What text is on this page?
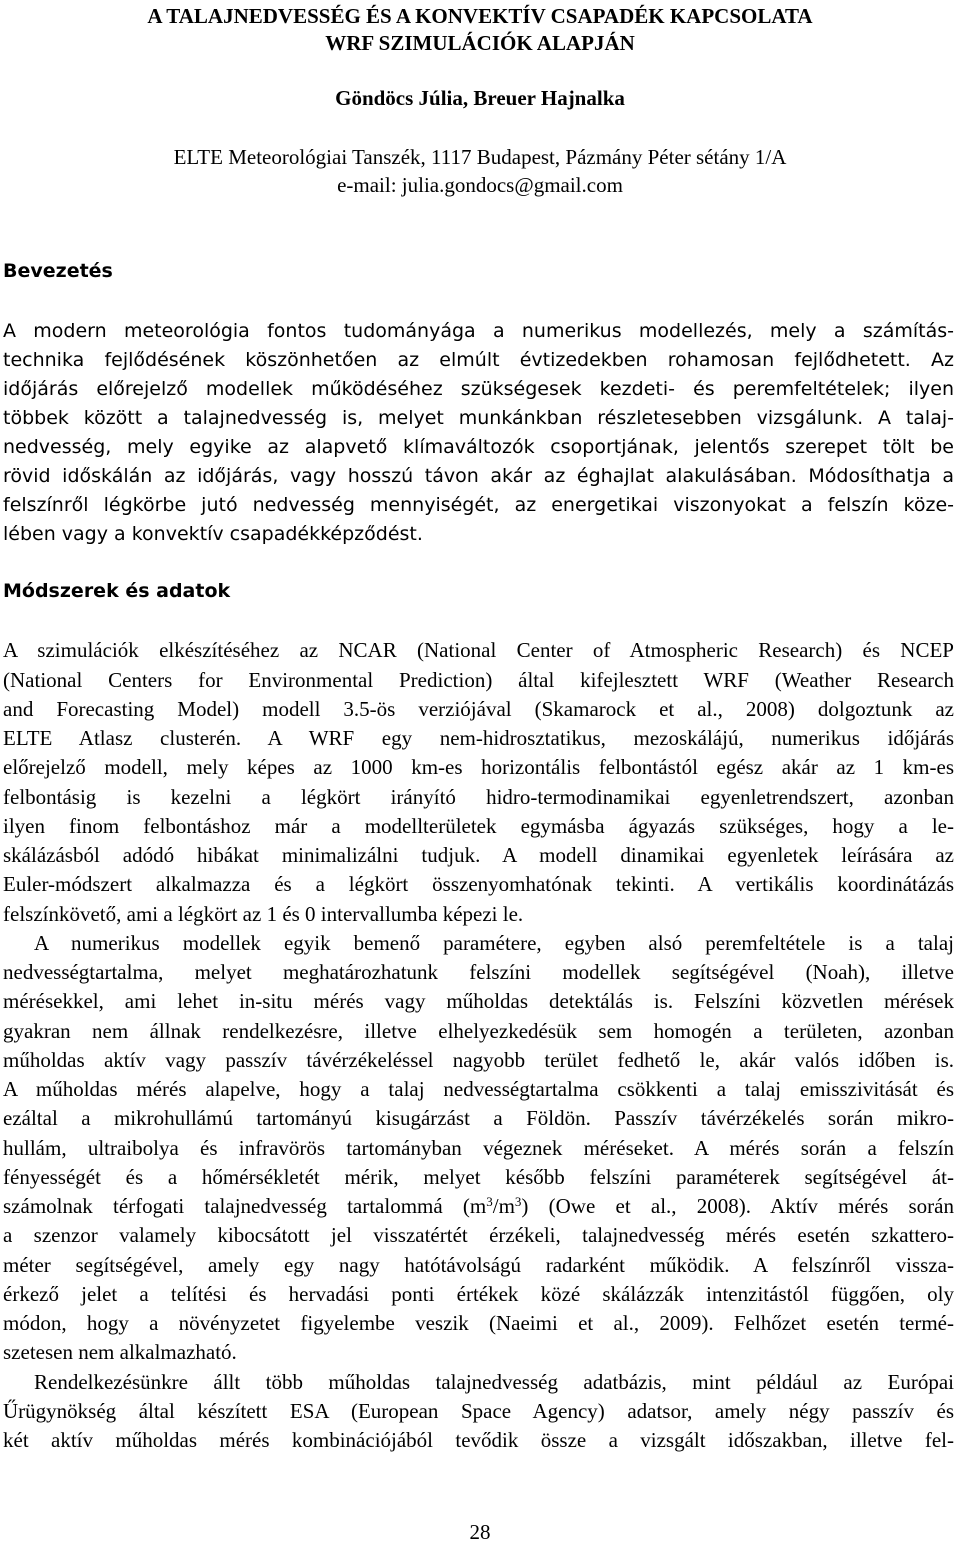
A TALAJNEDVESSÉG ÉS A KONVEKTÍV CSAPADÉK KAPCSOLATA
WRF SZIMULÁCIÓK ALAPJÁN
Göndöcs Júlia, Breuer Hajnalka
ELTE Meteorológiai Tanszék, 1117 Budapest, Pázmány Péter sétány 1/A
e-mail: julia.gondocs@gmail.com
Bevezetés
A modern meteorológia fontos tudományága a numerikus modellezés, mely a számítás-
technika fejlődésének köszönhetően az elmúlt évtizedekben rohamosan fejlődhetett. Az
időjárás előrejelző modellek működéséhez szükségesek kezdeti- és peremfeltételek; ilyen
többek között a talajnedvesség is, melyet munkánkban részletesebben vizsgálunk. A talaj-
nedvesség, mely egyike az alapvető klímaváltozók csoportjának, jelentős szerepet tölt be
rövid időskálán az időjárás, vagy hosszú távon akár az éghajlat alakulásában. Módosíthatja a
felszínről légkörbe jutó nedvesség mennyiségét, az energetikai viszonyokat a felszín köze-
lében vagy a konvektív csapadékképződést.
Módszerek és adatok
A szimulációk elkészítéséhez az NCAR (National Center of Atmospheric Research) és NCEP
(National Centers for Environmental Prediction) által kifejlesztett WRF (Weather Research
and Forecasting Model) modell 3.5-ös verziójával (Skamarock et al., 2008) dolgoztunk az
ELTE Atlasz clusterén. A WRF egy nem-hidrosztatikus, mezoskálájú, numerikus időjárás
előrejelző modell, mely képes az 1000 km-es horizontális felbontástól egész akár az 1 km-es
felbontásig is kezelni a légkört irányító hidro-termodinamikai egyenletrendszert, azonban
ilyen finom felbontáshoz már a modellterületek egymásba ágyazás szükséges, hogy a le-
skálázásból adódó hibákat minimalizálni tudjuk. A modell dinamikai egyenletek leírására az
Euler-módszert alkalmazza és a légkört összenyomhatónak tekinti. A vertikális koordinátázás
felszínkövető, ami a légkört az 1 és 0 intervallumba képezi le.
A numerikus modellek egyik bemenő paramétere, egyben alsó peremfeltétele is a talaj
nedvességtartalma, melyet meghatározhatunk felszíni modellek segítségével (Noah), illetve
mérésekkel, ami lehet in-situ mérés vagy műholdas detektálás is. Felszíni közvetlen mérések
gyakran nem állnak rendelkezésre, illetve elhelyezkedésük sem homogén a területen, azonban
műholdas aktív vagy passzív távérzékeléssel nagyobb terület fedhető le, akár valós időben is.
A műholdas mérés alapelve, hogy a talaj nedvességtartalma csökkenti a talaj emisszivitását és
ezáltal a mikrohullámú tartományú kisugárzást a Földön. Passzív távérzékelés során mikro-
hullám, ultraibolya és infravörös tartományban végeznek méréseket. A mérés során a felszín
fényességét és a hőmérsékletét mérik, melyet később felszíni paraméterek segítségével át-
számolnak térfogati talajnedvesség tartalommá $(m^3/m^3)$ (Owe et al., 2008). Aktív mérés során
a szenzor valamely kibocsátott jel visszatértét érzékeli, talajnedvesség mérés esetén szkattero-
méter segítségével, amely egy nagy hatótávolságú radarként működik. A felszínről vissza-
érkező jelet a telítési és hervadási ponti értékek közé skálázzák intenzitástól függően, oly
módon, hogy a növényzetet figyelembe veszik (Naeimi et al., 2009). Felhőzet esetén termé-
szetesen nem alkalmazható.
Rendelkezésünkre állt több műholdas talajnedvesség adatbázis, mint például az Európai
Űrügynökség által készített ESA (European Space Agency) adatsor, amely négy passzív és
két aktív műholdas mérés kombinációjából tevődik össze a vizsgált időszakban, illetve fel-
28
